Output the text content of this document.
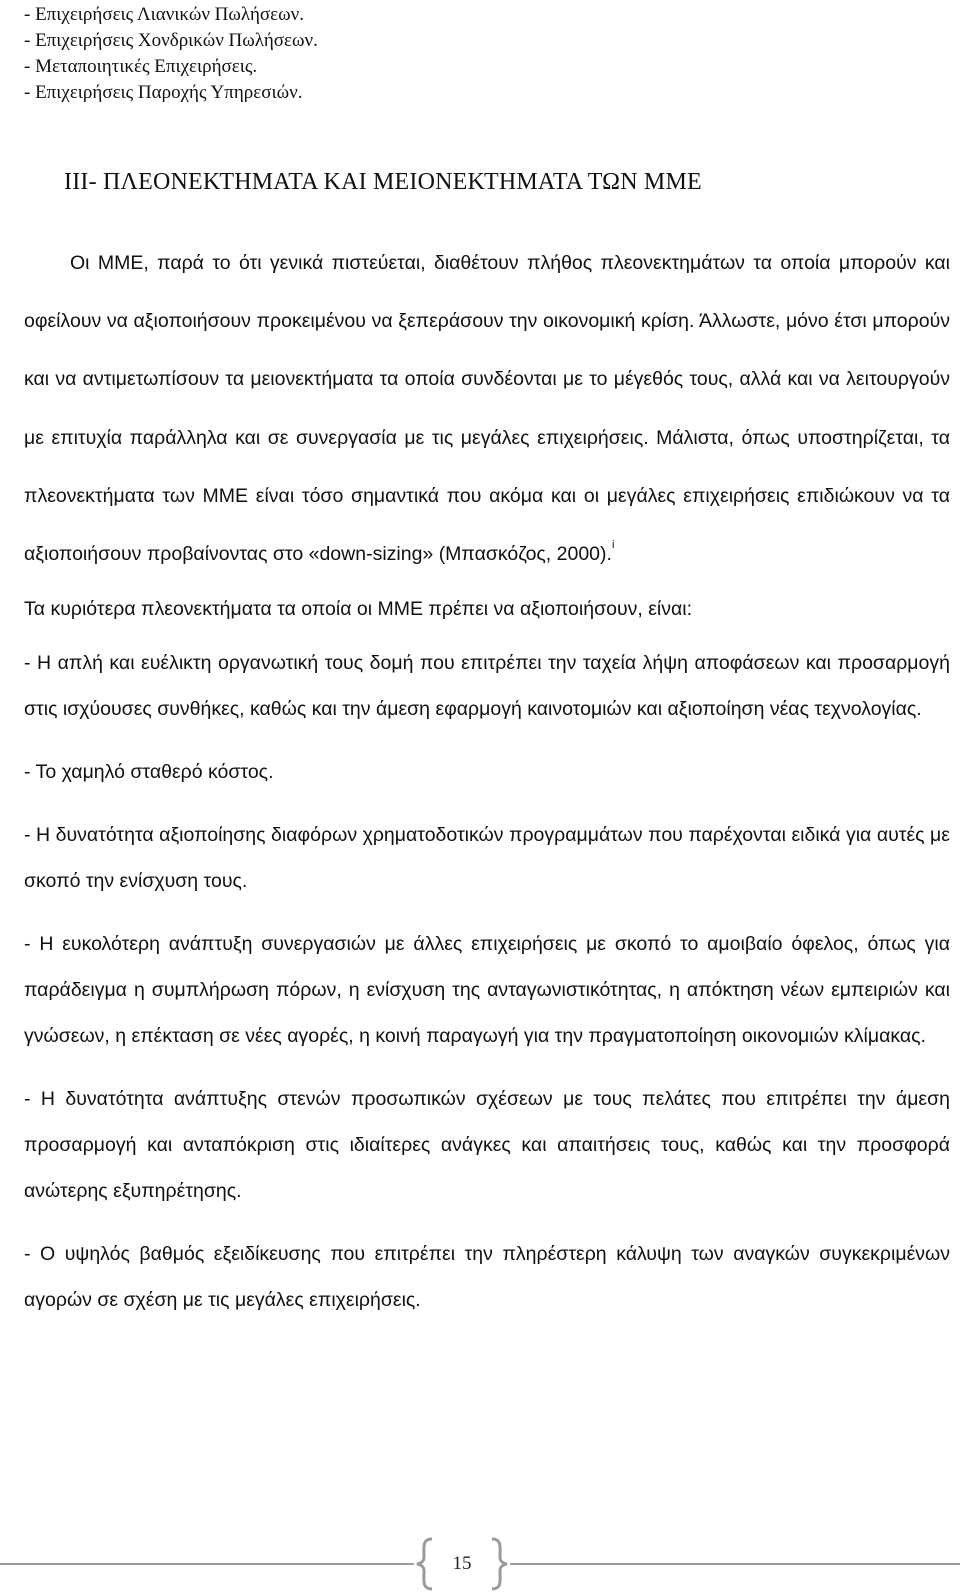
- Επιχειρήσεις Λιανικών Πωλήσεων.
- Επιχειρήσεις Χονδρικών Πωλήσεων.
- Μεταποιητικές Επιχειρήσεις.
- Επιχειρήσεις Παροχής Υπηρεσιών.
III- ΠΛΕΟΝΕΚΤΗΜΑΤΑ ΚΑΙ ΜΕΙΟΝΕΚΤΗΜΑΤΑ ΤΩΝ ΜΜΕ

Οι ΜΜΕ, παρά το ότι γενικά πιστεύεται, διαθέτουν πλήθος πλεονεκτημάτων τα οποία μπορούν και οφείλουν να αξιοποιήσουν προκειμένου να ξεπεράσουν την οικονομική κρίση. Άλλωστε, μόνο έτσι μπορούν και να αντιμετωπίσουν τα μειονεκτήματα τα οποία συνδέονται με το μέγεθός τους, αλλά και να λειτουργούν με επιτυχία παράλληλα και σε συνεργασία με τις μεγάλες επιχειρήσεις. Μάλιστα, όπως υποστηρίζεται, τα πλεονεκτήματα των ΜΜΕ είναι τόσο σημαντικά που ακόμα και οι μεγάλες επιχειρήσεις επιδιώκουν να τα αξιοποιήσουν προβαίνοντας στο «down-sizing» (Μπασκόζος, 2000).$^i$

Τα κυριότερα πλεονεκτήματα τα οποία οι ΜΜΕ πρέπει να αξιοποιήσουν, είναι:

- Η απλή και ευέλικτη οργανωτική τους δομή που επιτρέπει την ταχεία λήψη αποφάσεων και προσαρμογή στις ισχύουσες συνθήκες, καθώς και την άμεση εφαρμογή καινοτομιών και αξιοποίηση νέας τεχνολογίας.

- Το χαμηλό σταθερό κόστος.

- Η δυνατότητα αξιοποίησης διαφόρων χρηματοδοτικών προγραμμάτων που παρέχονται ειδικά για αυτές με σκοπό την ενίσχυση τους.

- Η ευκολότερη ανάπτυξη συνεργασιών με άλλες επιχειρήσεις με σκοπό το αμοιβαίο όφελος, όπως για παράδειγμα η συμπλήρωση πόρων, η ενίσχυση της ανταγωνιστικότητας, η απόκτηση νέων εμπειριών και γνώσεων, η επέκταση σε νέες αγορές, η κοινή παραγωγή για την πραγματοποίηση οικονομιών κλίμακας.

- Η δυνατότητα ανάπτυξης στενών προσωπικών σχέσεων με τους πελάτες που επιτρέπει την άμεση προσαρμογή και ανταπόκριση στις ιδιαίτερες ανάγκες και απαιτήσεις τους, καθώς και την προσφορά ανώτερης εξυπηρέτησης.

- Ο υψηλός βαθμός εξειδίκευσης που επιτρέπει την πληρέστερη κάλυψη των αναγκών συγκεκριμένων αγορών σε σχέση με τις μεγάλες επιχειρήσεις.

15
